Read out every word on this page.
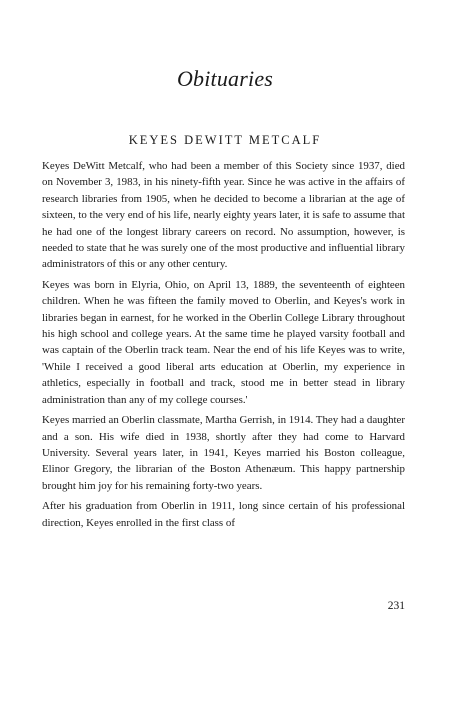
Obituaries
KEYES DEWITT METCALF

Keyes DeWitt Metcalf, who had been a member of this Society since 1937, died on November 3, 1983, in his ninety-fifth year. Since he was active in the affairs of research libraries from 1905, when he decided to become a librarian at the age of sixteen, to the very end of his life, nearly eighty years later, it is safe to assume that he had one of the longest library careers on record. No assumption, however, is needed to state that he was surely one of the most productive and influential library administrators of this or any other century.

Keyes was born in Elyria, Ohio, on April 13, 1889, the seventeenth of eighteen children. When he was fifteen the family moved to Oberlin, and Keyes's work in libraries began in earnest, for he worked in the Oberlin College Library throughout his high school and college years. At the same time he played varsity football and was captain of the Oberlin track team. Near the end of his life Keyes was to write, 'While I received a good liberal arts education at Oberlin, my experience in athletics, especially in football and track, stood me in better stead in library administration than any of my college courses.'

Keyes married an Oberlin classmate, Martha Gerrish, in 1914. They had a daughter and a son. His wife died in 1938, shortly after they had come to Harvard University. Several years later, in 1941, Keyes married his Boston colleague, Elinor Gregory, the librarian of the Boston Athenæum. This happy partnership brought him joy for his remaining forty-two years.

After his graduation from Oberlin in 1911, long since certain of his professional direction, Keyes enrolled in the first class of

231
